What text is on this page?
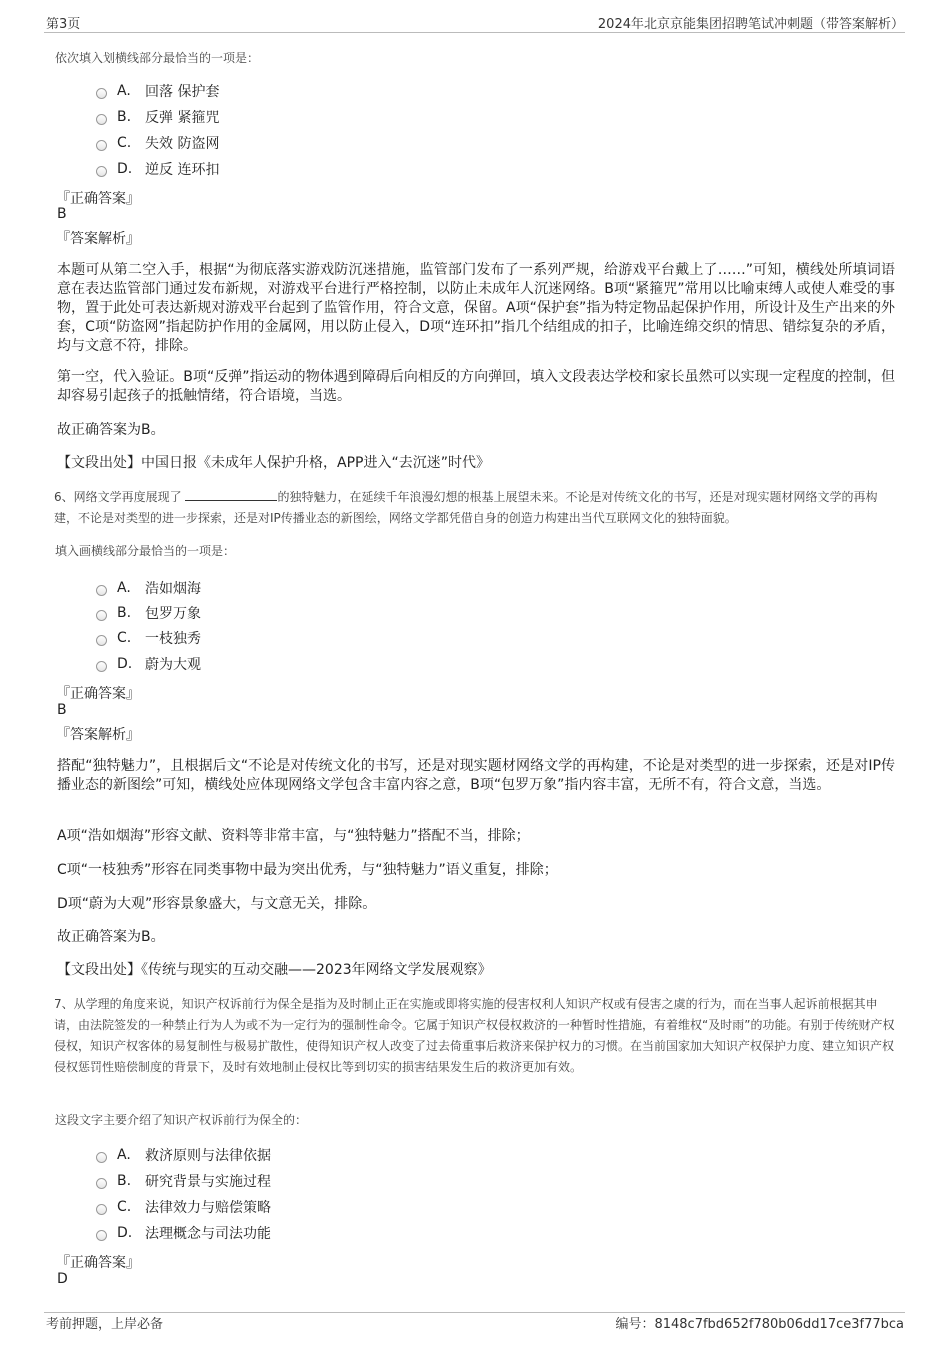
第3页	2024年北京京能集团招聘笔试冲刺题（带答案解析）
依次填入划横线部分最恰当的一项是：
A.	回落 保护套
B. 反弹 紧箍咒
C. 失效 防盗网
D. 逆反 连环扣
『正确答案』
B
『答案解析』
本题可从第二空入手，根据“为彻底落实游戏防沉迷措施，监管部门发布了一系列严规，给游戏平台戴上了……”可知，横线处所填词语意在表达监管部门通过发布新规，对游戏平台进行严格控制，以防止未成年人沉迷网络。B项“紧箍咒”常用以比喻束缚人或使人难受的事物，置于此处可表达新规对游戏平台起到了监管作用，符合文意，保留。A项“保护套”指为特定物品起保护作用，所设计及生产出来的外套，C项“防盗网”指起防护作用的金属网，用以防止侵入，D项“连环扣”指几个结组成的扣子，比喻连绵交织的情思、错综复杂的矛盾，均与文意不符，排除。
第一空，代入验证。B项“反弹”指运动的物体遇到障碍后向相反的方向弹回，填入文段表达学校和家长虽然可以实现一定程度的控制，但却容易引起孩子的抵触情绪，符合语境，当选。
故正确答案为B。
【文段出处】中国日报《未成年人保护升格，APP进入“去沉迷”时代》
6、网络文学再度展现了	的独特魅力，在延续千年浪漫幻想的根基上展望未来。不论是对传统文化的书写，还是对现实题材网络文学的再构建，不论是对类型的进一步探索，还是对IP传播业态的新图绘，网络文学都凭借自身的创造力构建出当代互联网文化的独特面貌。
填入画横线部分最恰当的一项是：
A.	浩如烟海
B. 包罗万象
C. 一枝独秀
D. 蔚为大观
『正确答案』
B
『答案解析』
搭配“独特魅力”，且根据后文“不论是对传统文化的书写，还是对现实题材网络文学的再构建，不论是对类型的进一步探索，还是对IP传播业态的新图绘”可知，横线处应体现网络文学包含丰富内容之意，B项“包罗万象”指内容丰富，无所不有，符合文意，当选。
A项“浩如烟海”形容文献、资料等非常丰富，与“独特魅力”搭配不当，排除；
C项“一枝独秀”形容在同类事物中最为突出优秀，与“独特魅力”语义重复，排除；
D项“蔚为大观”形容景象盛大，与文意无关，排除。
故正确答案为B。
【文段出处】《传统与现实的互动交融——2023年网络文学发展观察》
7、从学理的角度来说，知识产权诉前行为保全是指为及时制止正在实施或即将实施的侵害权利人知识产权或有侵害之虞的行为，而在当事人起诉前根据其申请，由法院签发的一种禁止行为人为或不为一定行为的强制性命令。它属于知识产权侵权救济的一种暂时性措施，有着维权“及时雨”的功能。有别于传统财产权侵权，知识产权客体的易复制性与极易扩散性，使得知识产权人改变了过去倚重事后救济来保护权力的习惯。在当前国家加大知识产权保护力度、建立知识产权侵权惩罚性赔偿制度的背景下，及时有效地制止侵权比等到切实的损害结果发生后的救济更加有效。
这段文字主要介绍了知识产权诉前行为保全的：
A.	救济原则与法律依据
B. 研究背景与实施过程
C. 法律效力与赔偿策略
D. 法理概念与司法功能
『正确答案』
D
考前押题，上岸必备	编号：8148c7fbd652f780b06dd17ce3f77bca
